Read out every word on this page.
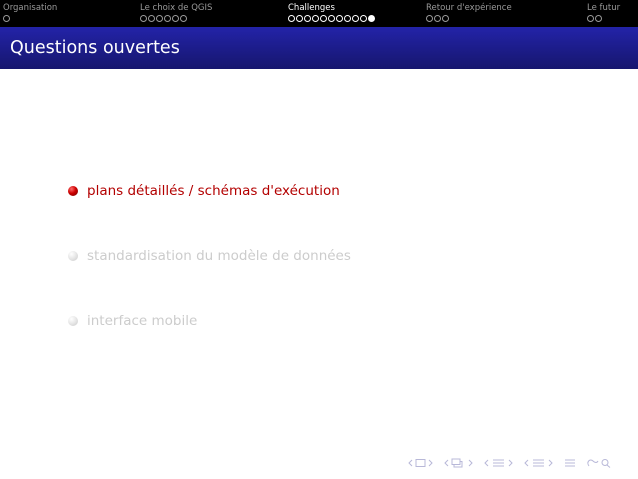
Organisation	Le choix de QGIS	Challenges	Retour d'expérience	Le futur
Questions ouvertes
plans détaillés / schémas d'exécution
standardisation du modèle de données
interface mobile
